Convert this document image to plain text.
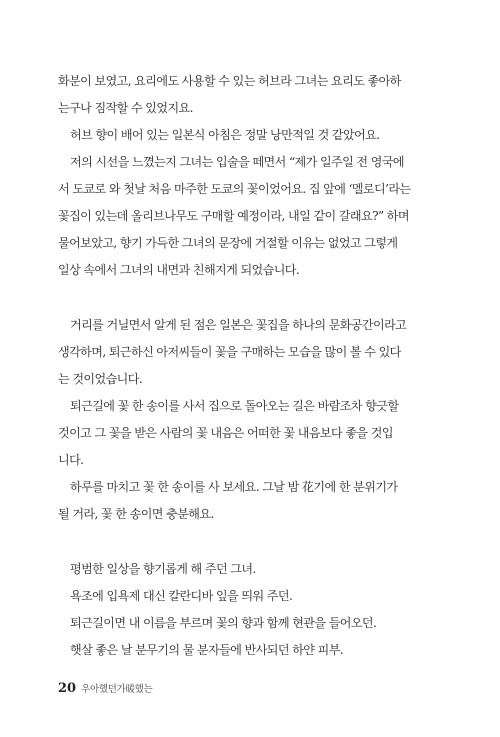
화분이 보였고, 요리에도 사용할 수 있는 허브라 그녀는 요리도 좋아하
는구나 짐작할 수 있었지요.
허브 향이 배어 있는 일본식 아침은 정말 낭만적일 것 같았어요.
저의 시선을 느꼈는지 그녀는 입술을 떼면서 “제가 일주일 전 영국에
서 도쿄로 와 첫날 처음 마주한 도쿄의 꽃이었어요. 집 앞에 ‘멜로디’라는
꽃집이 있는데 올리브나무도 구매할 예정이라, 내일 같이 갈래요?” 하며
물어보았고, 향기 가득한 그녀의 문장에 거절할 이유는 없었고 그렇게
일상 속에서 그녀의 내면과 친해지게 되었습니다.
거리를 거닐면서 알게 된 점은 일본은 꽃집을 하나의 문화공간이라고
생각하며, 퇴근하신 아저씨들이 꽃을 구매하는 모습을 많이 볼 수 있다
는 것이었습니다.
퇴근길에 꽃 한 송이를 사서 집으로 돌아오는 길은 바람조차 향긋할
것이고 그 꽃을 받은 사람의 꽃 내음은 어떠한 꽃 내음보다 좋을 것입
니다.
하루를 마치고 꽃 한 송이를 사 보세요. 그날 밤 花기에 한 분위기가
될 거라, 꽃 한 송이면 충분해요.
평범한 일상을 향기롭게 해 주던 그녀.
욕조에 입욕제 대신 칼란디바 잎을 띄워 주던.
퇴근길이면 내 이름을 부르며 꽃의 향과 함께 현관을 들어오던.
햇살 좋은 날 분무기의 물 분자들에 반사되던 하얀 피부.
20 우아했던가暖했는
